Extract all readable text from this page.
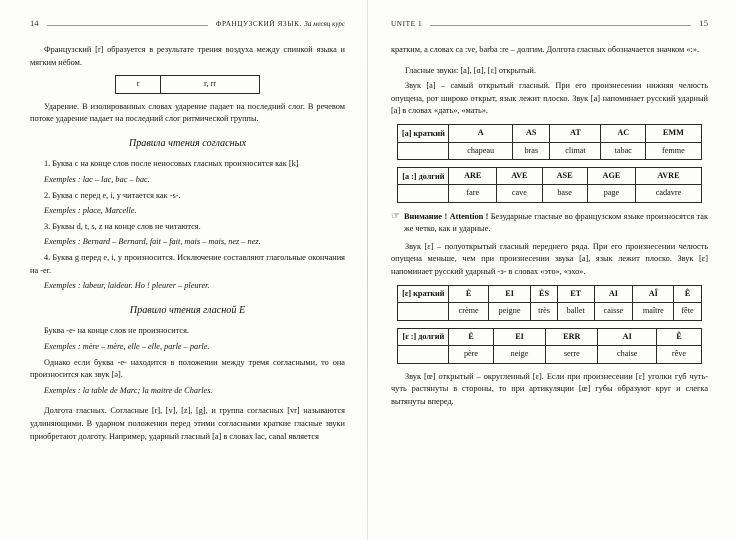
14	ФРАНЦУЗСКИЙ ЯЗЫК. За месяц курс

Французский [r] образуется в результате трения воздуха между спинкой языка и мягким нёбом.

r	r, rr

Ударение. В изолированных словах ударение падает на последний слог. В речевом потоке ударение падает на последний слог ритмической группы.

Правила чтения согласных

1. Буква с на конце слов после неносовых гласных произносится как [k]

Exemples : lac – lac, bac – bac.

2. Буква с перед e, i, y читается как -s-.

Exemples : place, Marcelle.

3. Буквы d, t, s, z на конце слов не читаются.

Exemples : Bernard – Bernard, fait – fait, mais – mais, nez – nez.

4. Буква g перед e, i, y произносится. Исключение составляют глагольные окончания на -er.

Exemples : labeur, laideur. Ho ! pleurer – pleurer.

Правило чтения гласной Е

Буква -e- на конце слов не произносится.

Exemples : mère – mère, elle – elle, parle – parle.

Однако если буква -e- находится в положении между тремя согласными, то она произносится как звук [ə].

Exemples : la table de Marc; la maitre de Charles.

Долгота гласных. Согласные [r], [v], [z], [g], и группа согласных [vr] называются удлиняющими. В ударном положении перед этими согласными краткие гласные звуки приобретают долготу. Например, ударный гласный [a] в словах lac, canal является

UNITE 1	15

кратким, а словах ca :ve, barba :re – долгим. Долгота гласных обозначается значком «:».

Гласные звуки: [a], [ɑ], [ɛ] открытый.

Звук [a] – самый открытый гласный. При его произнесении нижняя челюсть опущена, рот широко открыт, язык лежит плоско. Звук [a] напоминает русский ударный [а] в словах «дать», «мать».

[a] краткий	A	AS	AT	AC	EMM
	chapeau	bras	climat	tabac	femme
[a :] долгий	ARE	AVE	ASE	AGE	AVRE
	fare	cave	base	page	cadavre
☞ Внимание ! Attention ! Безударные гласные во французском языке произносятся так же четко, как и ударные.

Звук [ɛ] – полуоткрытый гласный переднего ряда. При его произнесении челюсть опущена меньше, чем при произнесении звука [a], язык лежит плоско. Звук [ɛ] напоминает русский ударный -э- в словах «это», «эхо».

[ɛ] краткий	È	EI	ÈS	ET	AI	AÎ	Ê
	crème	peigne	très	ballet	caisse	maître	fête
[ɛ :] долгий	È	EI	ERR	AI	Ê
	père	neige	serre	chaise	rêve

Звук [œ] открытый – округленный [ɛ]. Если при произнесении [ɛ] уголки губ чуть-чуть растянуты в стороны, то при артикуляции [œ] губы образуют круг и слегка вытянуты вперед.
